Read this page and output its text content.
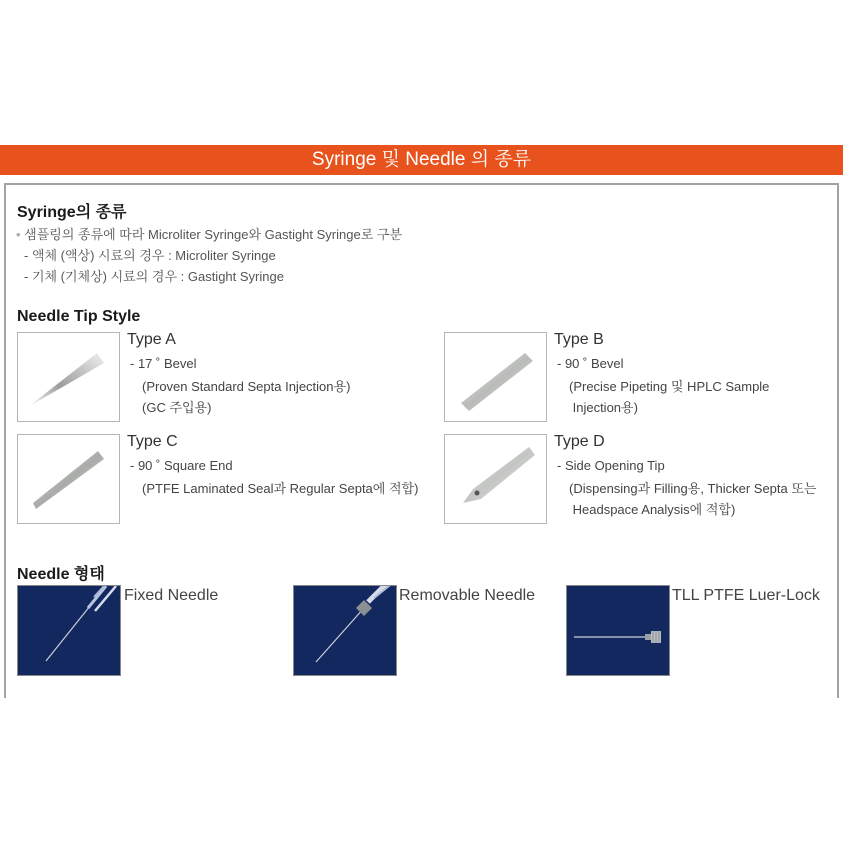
Syringe 및 Needle 의 종류
Syringe의 종류
• 샘플링의 종류에 따라 Microliter Syringe와 Gastight Syringe로 구분
- 액체 (액상) 시료의 경우 : Microliter Syringe
- 기체 (기체상) 시료의 경우 : Gastight Syringe
Needle Tip Style
Type A
- 17 ˚ Bevel
(Proven Standard Septa Injection용)
(GC 주입용)
Type B
- 90 ˚ Bevel
(Precise Pipeting 및 HPLC Sample
Injection용)
Type C
- 90 ˚ Square End
(PTFE Laminated Seal과 Regular Septa에 적합)
Type D
- Side Opening Tip
(Dispensing과 Filling용, Thicker Septa 또는
Headspace Analysis에 적합)
Needle 형태
Fixed Needle	Removable Needle	TLL PTFE Luer-Lock
